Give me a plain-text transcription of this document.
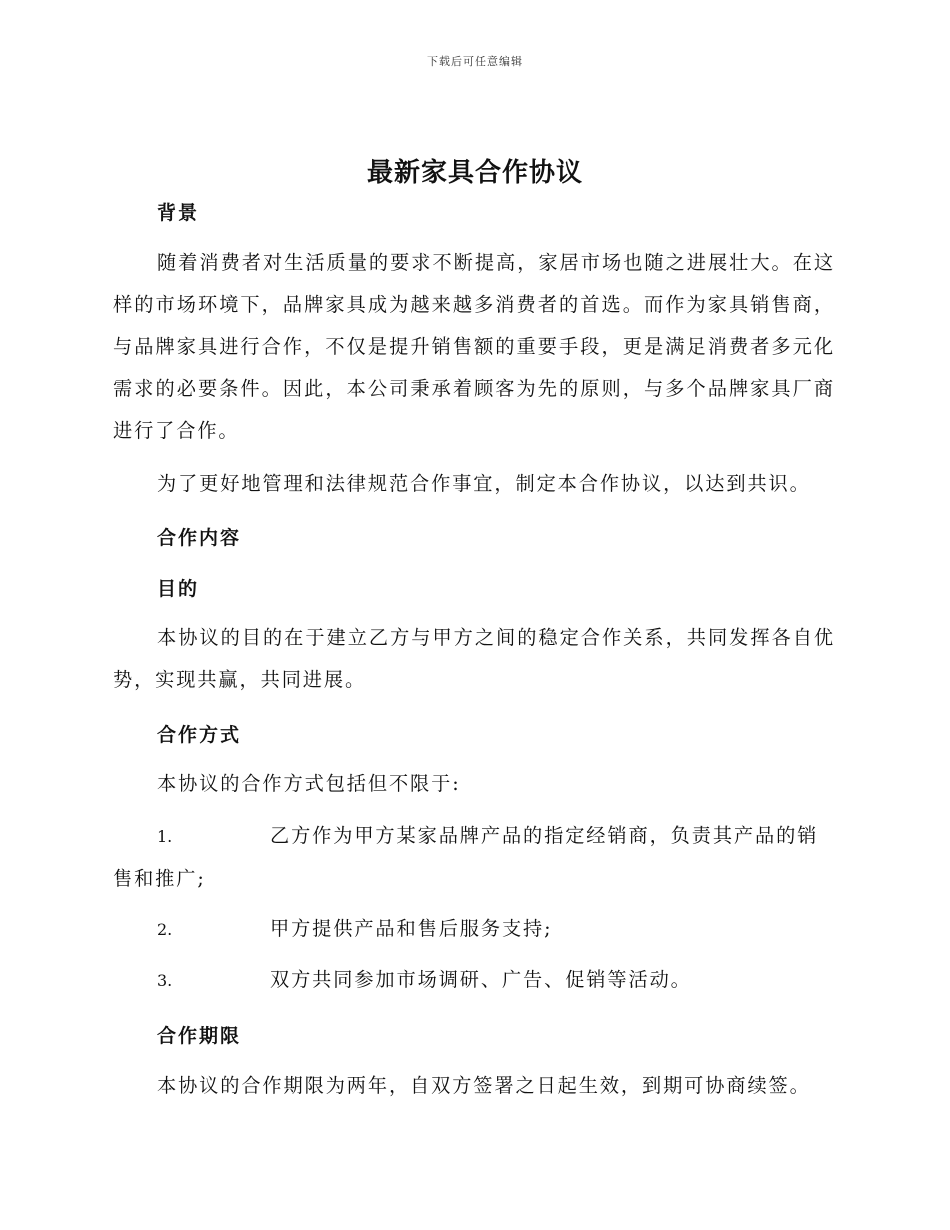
下载后可任意编辑
最新家具合作协议
背景

随着消费者对生活质量的要求不断提高，家居市场也随之进展壮大。在这样的市场环境下，品牌家具成为越来越多消费者的首选。而作为家具销售商，与品牌家具进行合作，不仅是提升销售额的重要手段，更是满足消费者多元化需求的必要条件。因此，本公司秉承着顾客为先的原则，与多个品牌家具厂商进行了合作。

为了更好地管理和法律规范合作事宜，制定本合作协议，以达到共识。

合作内容
目的

本协议的目的在于建立乙方与甲方之间的稳定合作关系，共同发挥各自优势，实现共赢，共同进展。

合作方式

本协议的合作方式包括但不限于:

1.	乙方作为甲方某家品牌产品的指定经销商，负责其产品的销售和推广;

2.	甲方提供产品和售后服务支持;

3.	双方共同参加市场调研、广告、促销等活动。

合作期限

本协议的合作期限为两年，自双方签署之日起生效，到期可协商续签。
